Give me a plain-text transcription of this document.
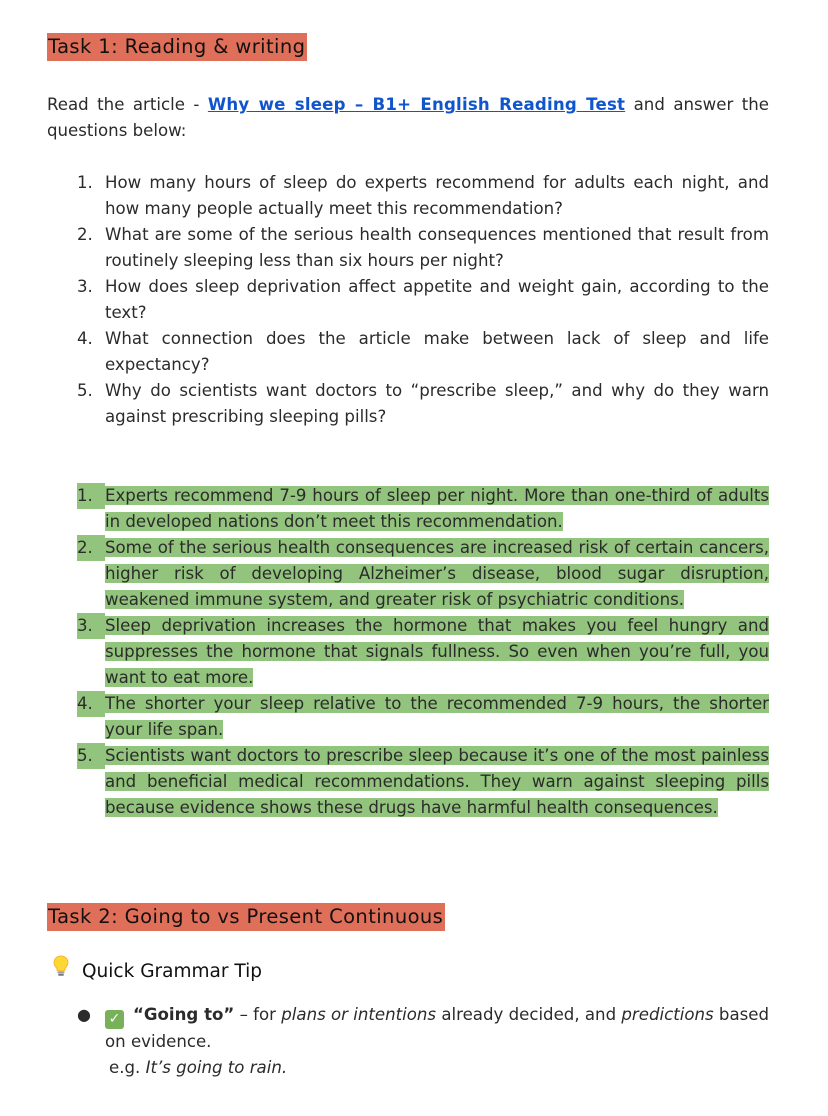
Task 1: Reading & writing
Read the article - Why we sleep – B1+ English Reading Test and answer the questions below:
1. How many hours of sleep do experts recommend for adults each night, and how many people actually meet this recommendation?
2. What are some of the serious health consequences mentioned that result from routinely sleeping less than six hours per night?
3. How does sleep deprivation affect appetite and weight gain, according to the text?
4. What connection does the article make between lack of sleep and life expectancy?
5. Why do scientists want doctors to “prescribe sleep,” and why do they warn against prescribing sleeping pills?
1. Experts recommend 7-9 hours of sleep per night. More than one-third of adults in developed nations don’t meet this recommendation.
2. Some of the serious health consequences are increased risk of certain cancers, higher risk of developing Alzheimer’s disease, blood sugar disruption, weakened immune system, and greater risk of psychiatric conditions.
3. Sleep deprivation increases the hormone that makes you feel hungry and suppresses the hormone that signals fullness. So even when you’re full, you want to eat more.
4. The shorter your sleep relative to the recommended 7-9 hours, the shorter your life span.
5. Scientists want doctors to prescribe sleep because it’s one of the most painless and beneficial medical recommendations. They warn against sleeping pills because evidence shows these drugs have harmful health consequences.
Task 2: Going to vs Present Continuous
Quick Grammar Tip
●	✓ “Going to” – for plans or intentions already decided, and predictions based on evidence.
e.g. It’s going to rain.
